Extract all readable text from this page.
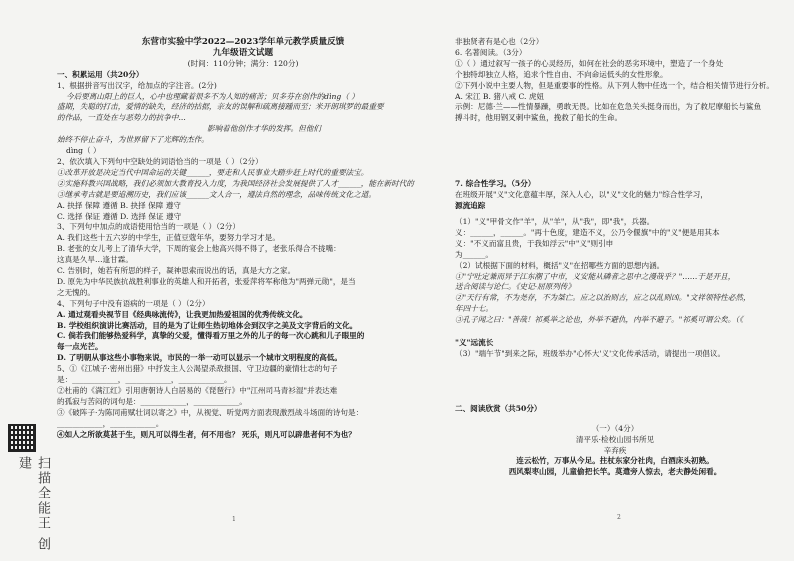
扫描全能王 创建

东营市实验中学2022—2023学年单元教学质量反馈

九年级语文试题

(时间：110分钟；满分：120分)

一、积累运用（共20分）

1、根据拼音写出汉字，给加点的字注音。(2分)

今后要离山阳上的巨人，心中也理藏着很多不为人知的痛苦；贝多芬在创作的dìng（ ）

盛期，失聪的打击，爱情的缺失，经济的拮据，亲友的误解和疏离接踵而至；米开朗琪罗的最重要

的作品，一直处在与恶势力的抗争中...

影响着他创作才华的发挥。但他们

始终不停止奋斗，为世界留下了光辉的杰作。

dìng（ ）

2、依次填入下列句中空缺处的词语恰当的一项是（ ）（2分）

①改革开放是决定当代中国命运的关键______，要走和人民事业大踏步赶上时代的重要法宝。

②实施科教兴国战略，我们必须加大教育投入力度，为我国经济社会发展提供了人才______，能在新时代的

③继承考古就是要追溯历史，我们应该______文人合一，遵法自然的理念，品味传统文化之道。

A. 抉择 保障 遵循 B. 抉择 保障 遵守

C. 选择 保证 遵循 D. 选择 保证 遵守

3、下列句中加点的成语使用恰当的一项是（ ）（2分）

A. 我们这些十五六岁的中学生，正值豆蔻年华，要努力学习才是。

B. 老张的女儿考上了清华大学，下周的宴会上他高兴得不得了，老张乐得合不拢嘴：

这真是久旱…逢甘霖。

C. 告别时，她若有所思的样子，凝神思索而说出的话，真是大方之家。

D. 原先为中华民族抗战胜利事业的英雄人和开拓者，张爱萍将军称他为"两弹元勋"，是当

之无愧的。

4、下列句子中没有语病的一项是（ ）（2分）

A. 通过观看央视节目《经典咏流传》，让我更加热爱祖国的优秀传统文化。

B. 学校组织演讲比赛活动，目的是为了让师生热切地体会到汉字之美及文字背后的文化。

C. 倘若我们能够热爱科学，真挚的父爱，懂得看万里之外的儿子的每一次心跳和儿子眼里的

每一点光芒。

D. 了明朝从事这些小事物来说，市民的一举一动可以显示一个城市文明程度的高低。

5、①《江城子·密州出猎》中抒发主人公渴望杀敌报国、守卫边疆的豪情壮志的句子

是：____________，____________，____________。

②杜甫的《满江红》引用唐朝诗人白居易的《琵琶行》中"江州司马青衫湿"并表达难

的孤寂与苦闷的词句是：____________，____________。

③《破阵子·为陈同甫赋壮词以寄之》中，从视觉、听觉两方面表现激烈战斗场面的诗句是：

____________，____________。

④如人之所欲莫甚于生，则凡可以得生者，何不用也？ 死乐，则凡可以辟患者何不为也？

非独贤者有是心也（2分）

6. 名著阅读。（3分）

①（ ）通过叙写一孩子的心灵经历，如何在社会的恶劣环境中，塑造了一个身处

个独特却独立人格，追求个性自由、不向命运低头的女性形象。

②下列小说中主要人物，但是重要事的性格。从下列人物中任选一个，结合相关情节进行分析。

A. 宋江 B. 猪八戒 C. 虎妞

示例：尼德·兰——性情暴躁，勇敢无畏。比如在危急关头挺身而出，为了救尼摩船长与鲨鱼

搏斗时，他用钢叉刺中鲨鱼，挽救了船长的生命。

7. 综合性学习。（5分）

在班级开展"义"文化意蕴丰厚，深入人心，以"义"文化的魅力"综合性学习，

源流追踪

（1）"义"甲骨文作"羊"，从"羊"，从"我"，即"我"，兵器。

义：______，______。"再十色度，建造不义，公乃令偃旗"中的"义"便是用其本

义："不义而富且贵，于我如浮云"中"义"则引申

为______。

（2）试根据下面的材料，概括"义"在招哪些方面的思想内涵。

①"宁吐定兼而异于江东潮了中市，义安能从磷者之思中之漫哉乎？"……于是开且，

送合阅读与论仁。《史记·屈原列传》

②"天行有常，不为尧存，不为桀亡。应之以治则吉，应之以乱则凶。"文祥领特性必然，

年四十七。

③孔子闻之曰："善哉！祁奚举之论也，外举不避仇，内举不避子。"祁奚可谓公矣。（《

"义"远流长

（3）"端午节"到来之际，班级举办"心怀大'义'文化传承活动，请提出一项倡议。

二、阅读欣赏（共50分）

（一）（4分）

清平乐·检校山园书所见

辛弃疾

连云松竹，万事从今足。拄杖东家分社肉，白酒床头初熟。

西风梨枣山园，儿童偷把长竿。莫遣旁人惊去，老夫静处闲看。

1	2
